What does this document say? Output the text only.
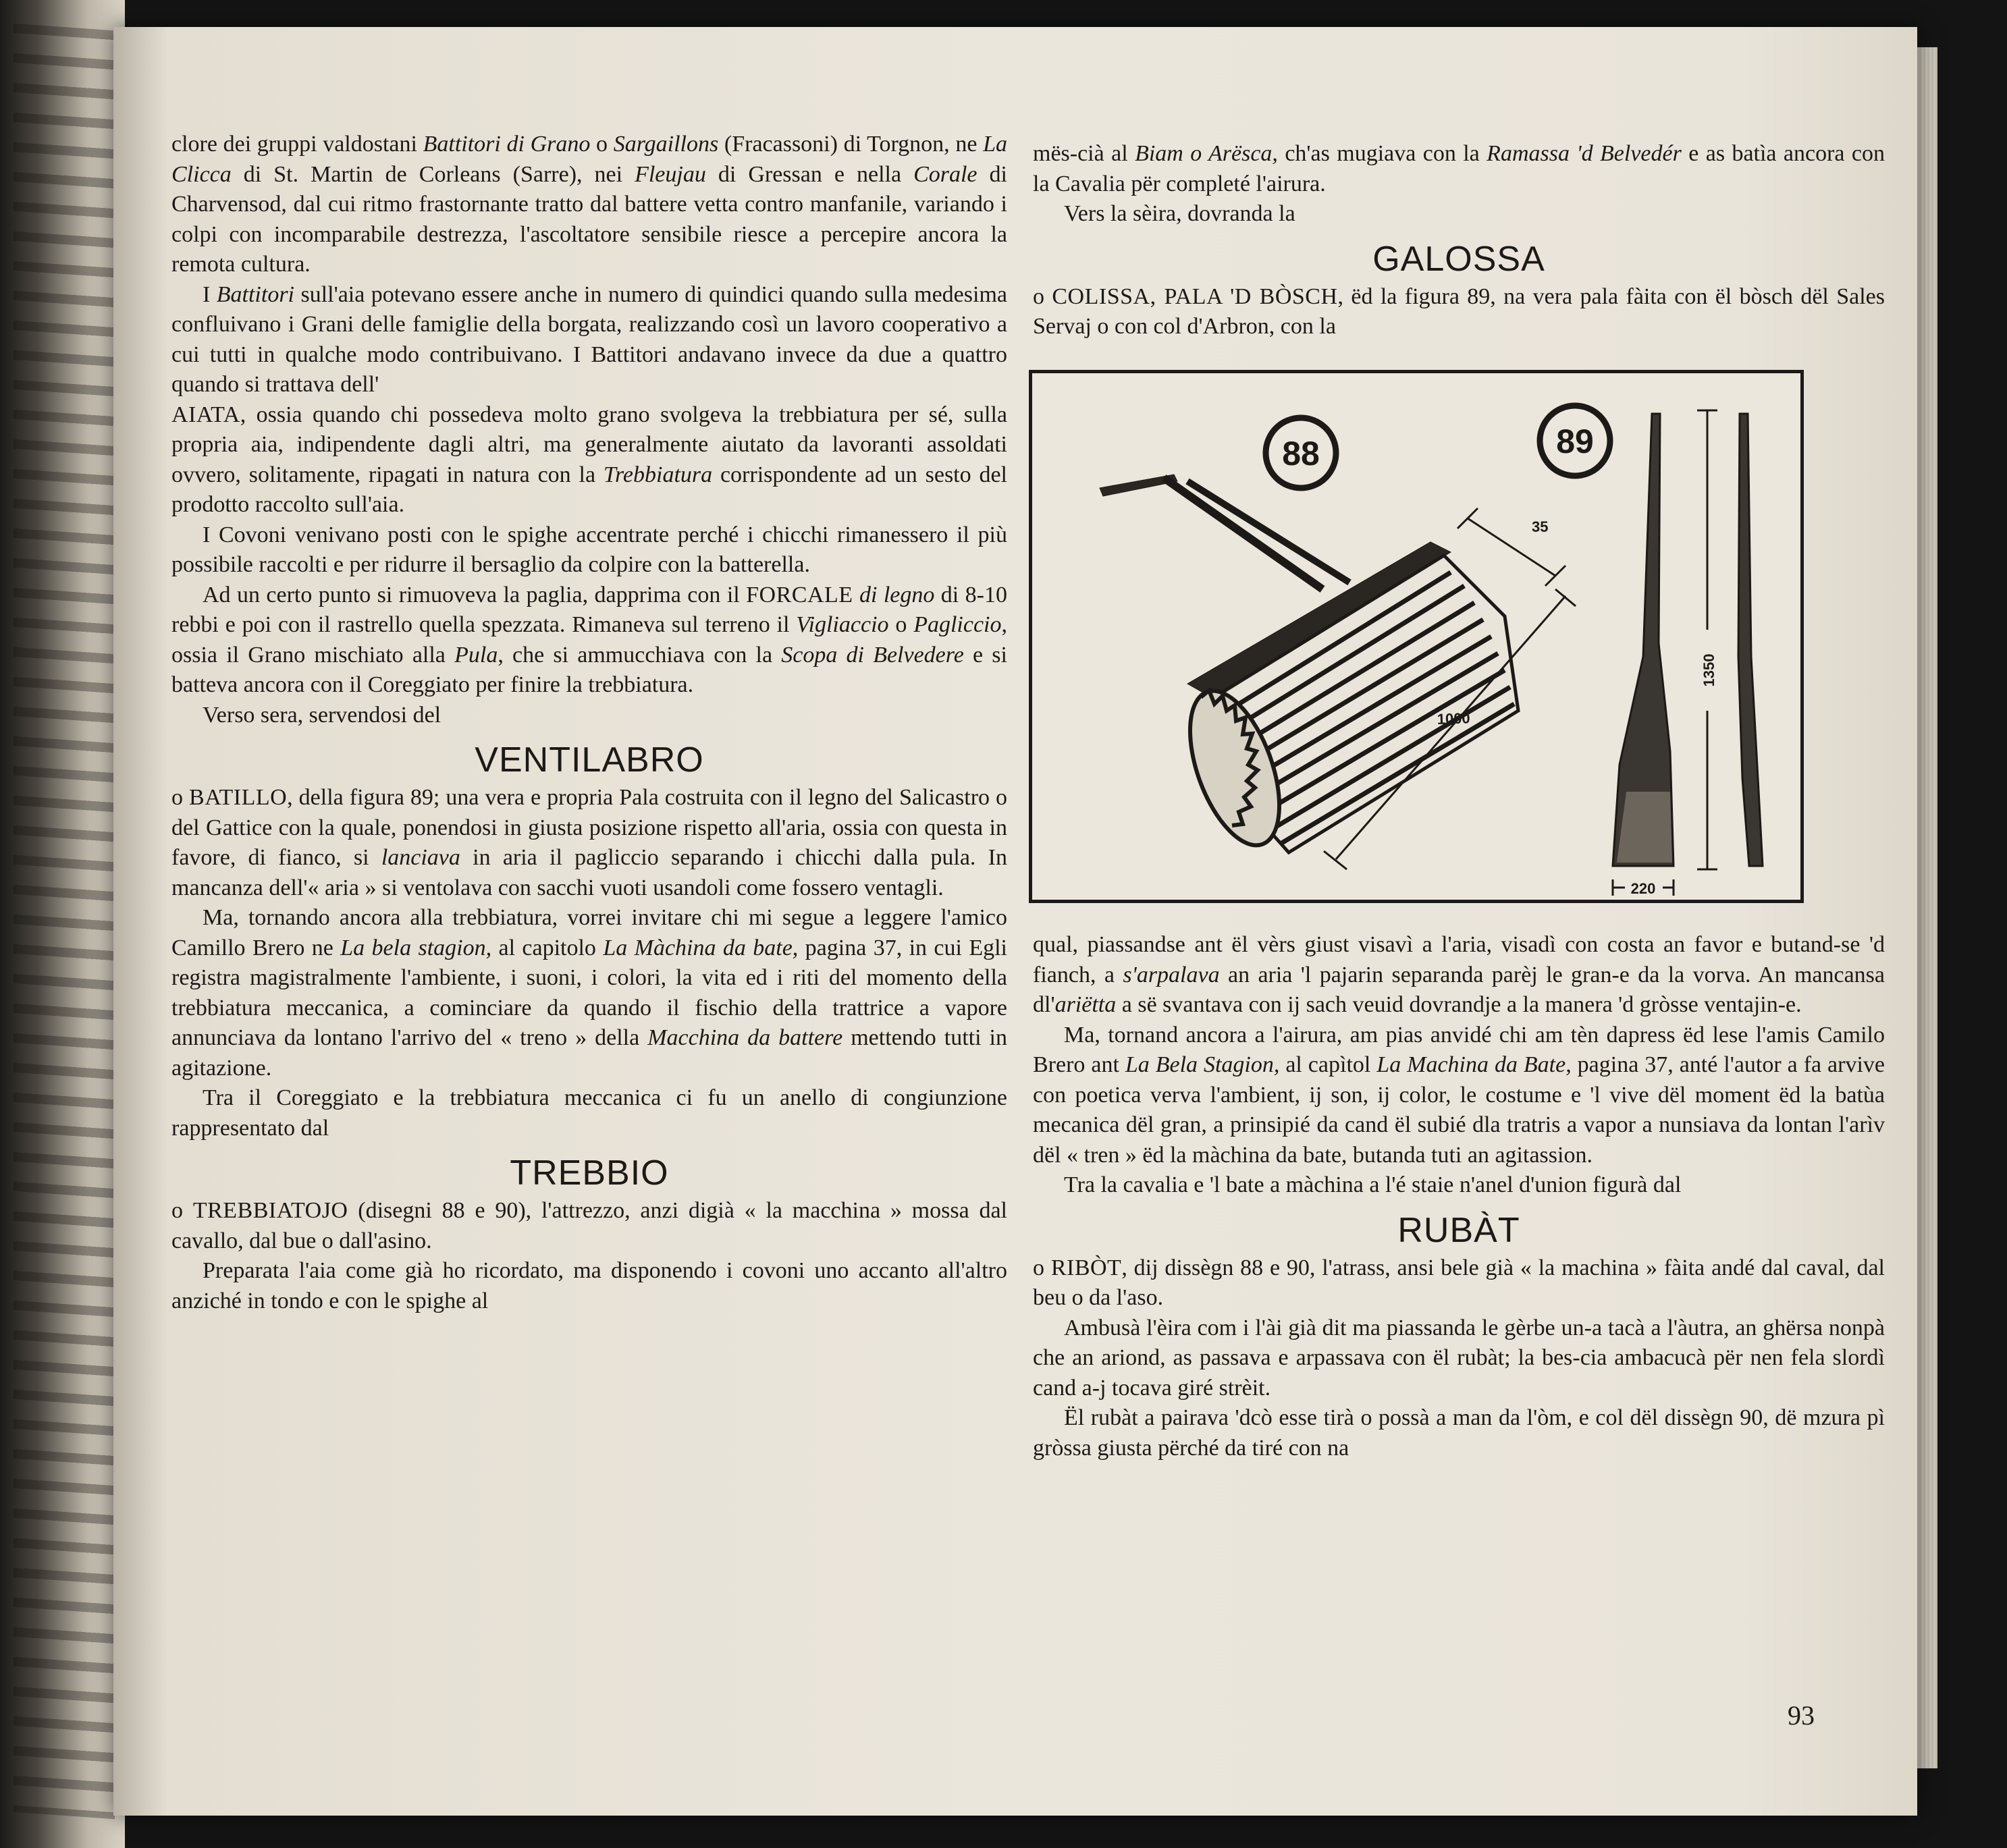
clore dei gruppi valdostani Battitori di Grano o Sargaillons (Fracassoni) di Torgnon, ne La Clicca di St. Martin de Corleans (Sarre), nei Fleujau di Gressan e nella Corale di Charvensod, dal cui ritmo frastornante tratto dal battere vetta contro manfanile, variando i colpi con incomparabile destrezza, l'ascoltatore sensibile riesce a percepire ancora la remota cultura.

I Battitori sull'aia potevano essere anche in numero di quindici quando sulla medesima confluivano i Grani delle famiglie della borgata, realizzando così un lavoro cooperativo a cui tutti in qualche modo contribuivano. I Battitori andavano invece da due a quattro quando si trattava dell'

AIATA, ossia quando chi possedeva molto grano svolgeva la trebbiatura per sé, sulla propria aia, indipendente dagli altri, ma generalmente aiutato da lavoranti assoldati ovvero, solitamente, ripagati in natura con la Trebbiatura corrispondente ad un sesto del prodotto raccolto sull'aia.

I Covoni venivano posti con le spighe accentrate perché i chicchi rimanessero il più possibile raccolti e per ridurre il bersaglio da colpire con la batterella.

Ad un certo punto si rimuoveva la paglia, dapprima con il FORCALE di legno di 8-10 rebbi e poi con il rastrello quella spezzata. Rimaneva sul terreno il Vigliaccio o Pagliccio, ossia il Grano mischiato alla Pula, che si ammucchiava con la Scopa di Belvedere e si batteva ancora con il Coreggiato per finire la trebbiatura.

Verso sera, servendosi del

VENTILABRO

o BATILLO, della figura 89; una vera e propria Pala costruita con il legno del Salicastro o del Gattice con la quale, ponendosi in giusta posizione rispetto all'aria, ossia con questa in favore, di fianco, si lanciava in aria il pagliccio separando i chicchi dalla pula. In mancanza dell'« aria » si ventolava con sacchi vuoti usandoli come fossero ventagli.

Ma, tornando ancora alla trebbiatura, vorrei invitare chi mi segue a leggere l'amico Camillo Brero ne La bela stagion, al capitolo La Màchina da bate, pagina 37, in cui Egli registra magistralmente l'ambiente, i suoni, i colori, la vita ed i riti del momento della trebbiatura meccanica, a cominciare da quando il fischio della trattrice a vapore annunciava da lontano l'arrivo del « treno » della Macchina da battere mettendo tutti in agitazione.

Tra il Coreggiato e la trebbiatura meccanica ci fu un anello di congiunzione rappresentato dal

TREBBIO

o TREBBIATOJO (disegni 88 e 90), l'attrezzo, anzi digià « la macchina » mossa dal cavallo, dal bue o dall'asino.

Preparata l'aia come già ho ricordato, ma disponendo i covoni uno accanto all'altro anziché in tondo e con le spighe al

mës-cià al Biam o Arësca, ch'as mugiava con la Ramassa 'd Belvedér e as batìa ancora con la Cavalia për completé l'airura.

Vers la sèira, dovranda la

GALOSSA

o COLISSA, PALA 'D BÒSCH, ëd la figura 89, na vera pala fàita con ël bòsch dël Sales Servaj o con col d'Arbron, con la

88	89
35
1000
1350
220

qual, piassandse ant ël vèrs giust visavì a l'aria, visadì con costa an favor e butand-se 'd fianch, a s'arpalava an aria 'l pajarin separanda parèj le gran-e da la vorva. An mancansa dl'ariëtta a së svantava con ij sach veuid dovrandje a la manera 'd gròsse ventajin-e.

Ma, tornand ancora a l'airura, am pias anvidé chi am tèn dapress ëd lese l'amis Camilo Brero ant La Bela Stagion, al capìtol La Machina da Bate, pagina 37, anté l'autor a fa arvive con poetica verva l'ambient, ij son, ij color, le costume e 'l vive dël moment ëd la batùa mecanica dël gran, a prinsipié da cand ël subié dla tratris a vapor a nunsiava da lontan l'arìv dël « tren » ëd la màchina da bate, butanda tuti an agitassion.

Tra la cavalia e 'l bate a màchina a l'é staie n'anel d'union figurà dal

RUBÀT

o RIBÒT, dij dissègn 88 e 90, l'atrass, ansi bele già « la machina » fàita andé dal caval, dal beu o da l'aso.

Ambusà l'èira com i l'ài già dit ma piassanda le gèrbe un-a tacà a l'àutra, an ghërsa nonpà che an ariond, as passava e arpassava con ël rubàt; la bes-cia ambacucà për nen fela slordì cand a-j tocava giré strèit.

Ël rubàt a pairava 'dcò esse tirà o possà a man da l'òm, e col dël dissègn 90, dë mzura pì gròssa giusta përché da tiré con na

93
